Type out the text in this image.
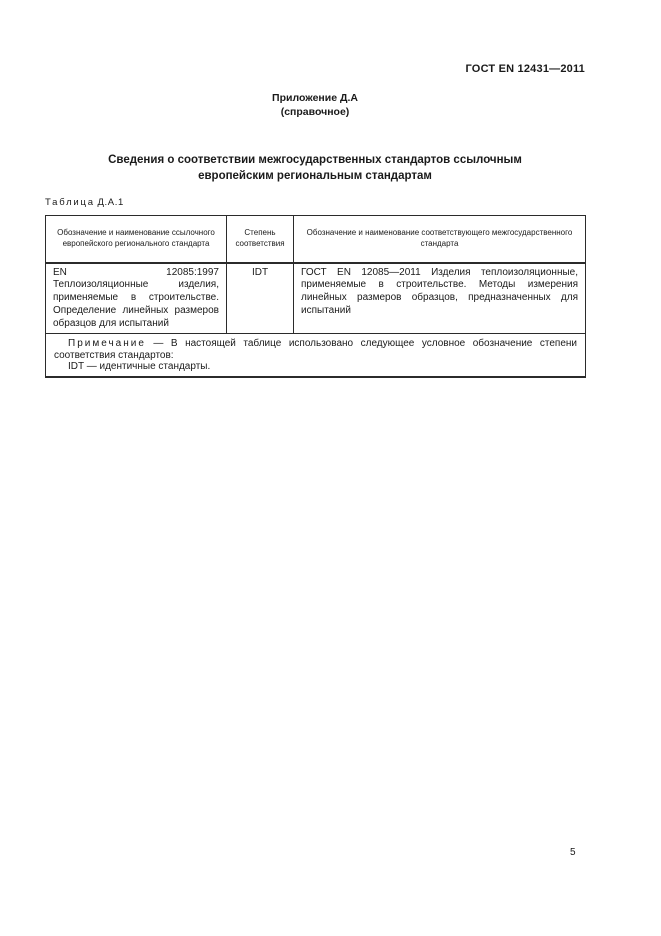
ГОСТ EN 12431—2011
Приложение Д.А
(справочное)
Сведения о соответствии межгосударственных стандартов ссылочным европейским региональным стандартам
Таблица Д.А.1
Обозначение и наименование ссылочного европейского регионального стандарта	Степень соответствия	Обозначение и наименование соответствующего межгосударственного стандарта
EN 12085:1997 Теплоизоляционные изделия, применяемые в строительстве. Определение линейных размеров образцов для испытаний	IDT	ГОСТ EN 12085—2011 Изделия теплоизоляционные, применяемые в строительстве. Методы измерения линейных размеров образцов, предназначенных для испытаний

Примечание — В настоящей таблице использовано следующее условное обозначение степени соответствия стандартов:

IDT — идентичные стандарты.		

5
